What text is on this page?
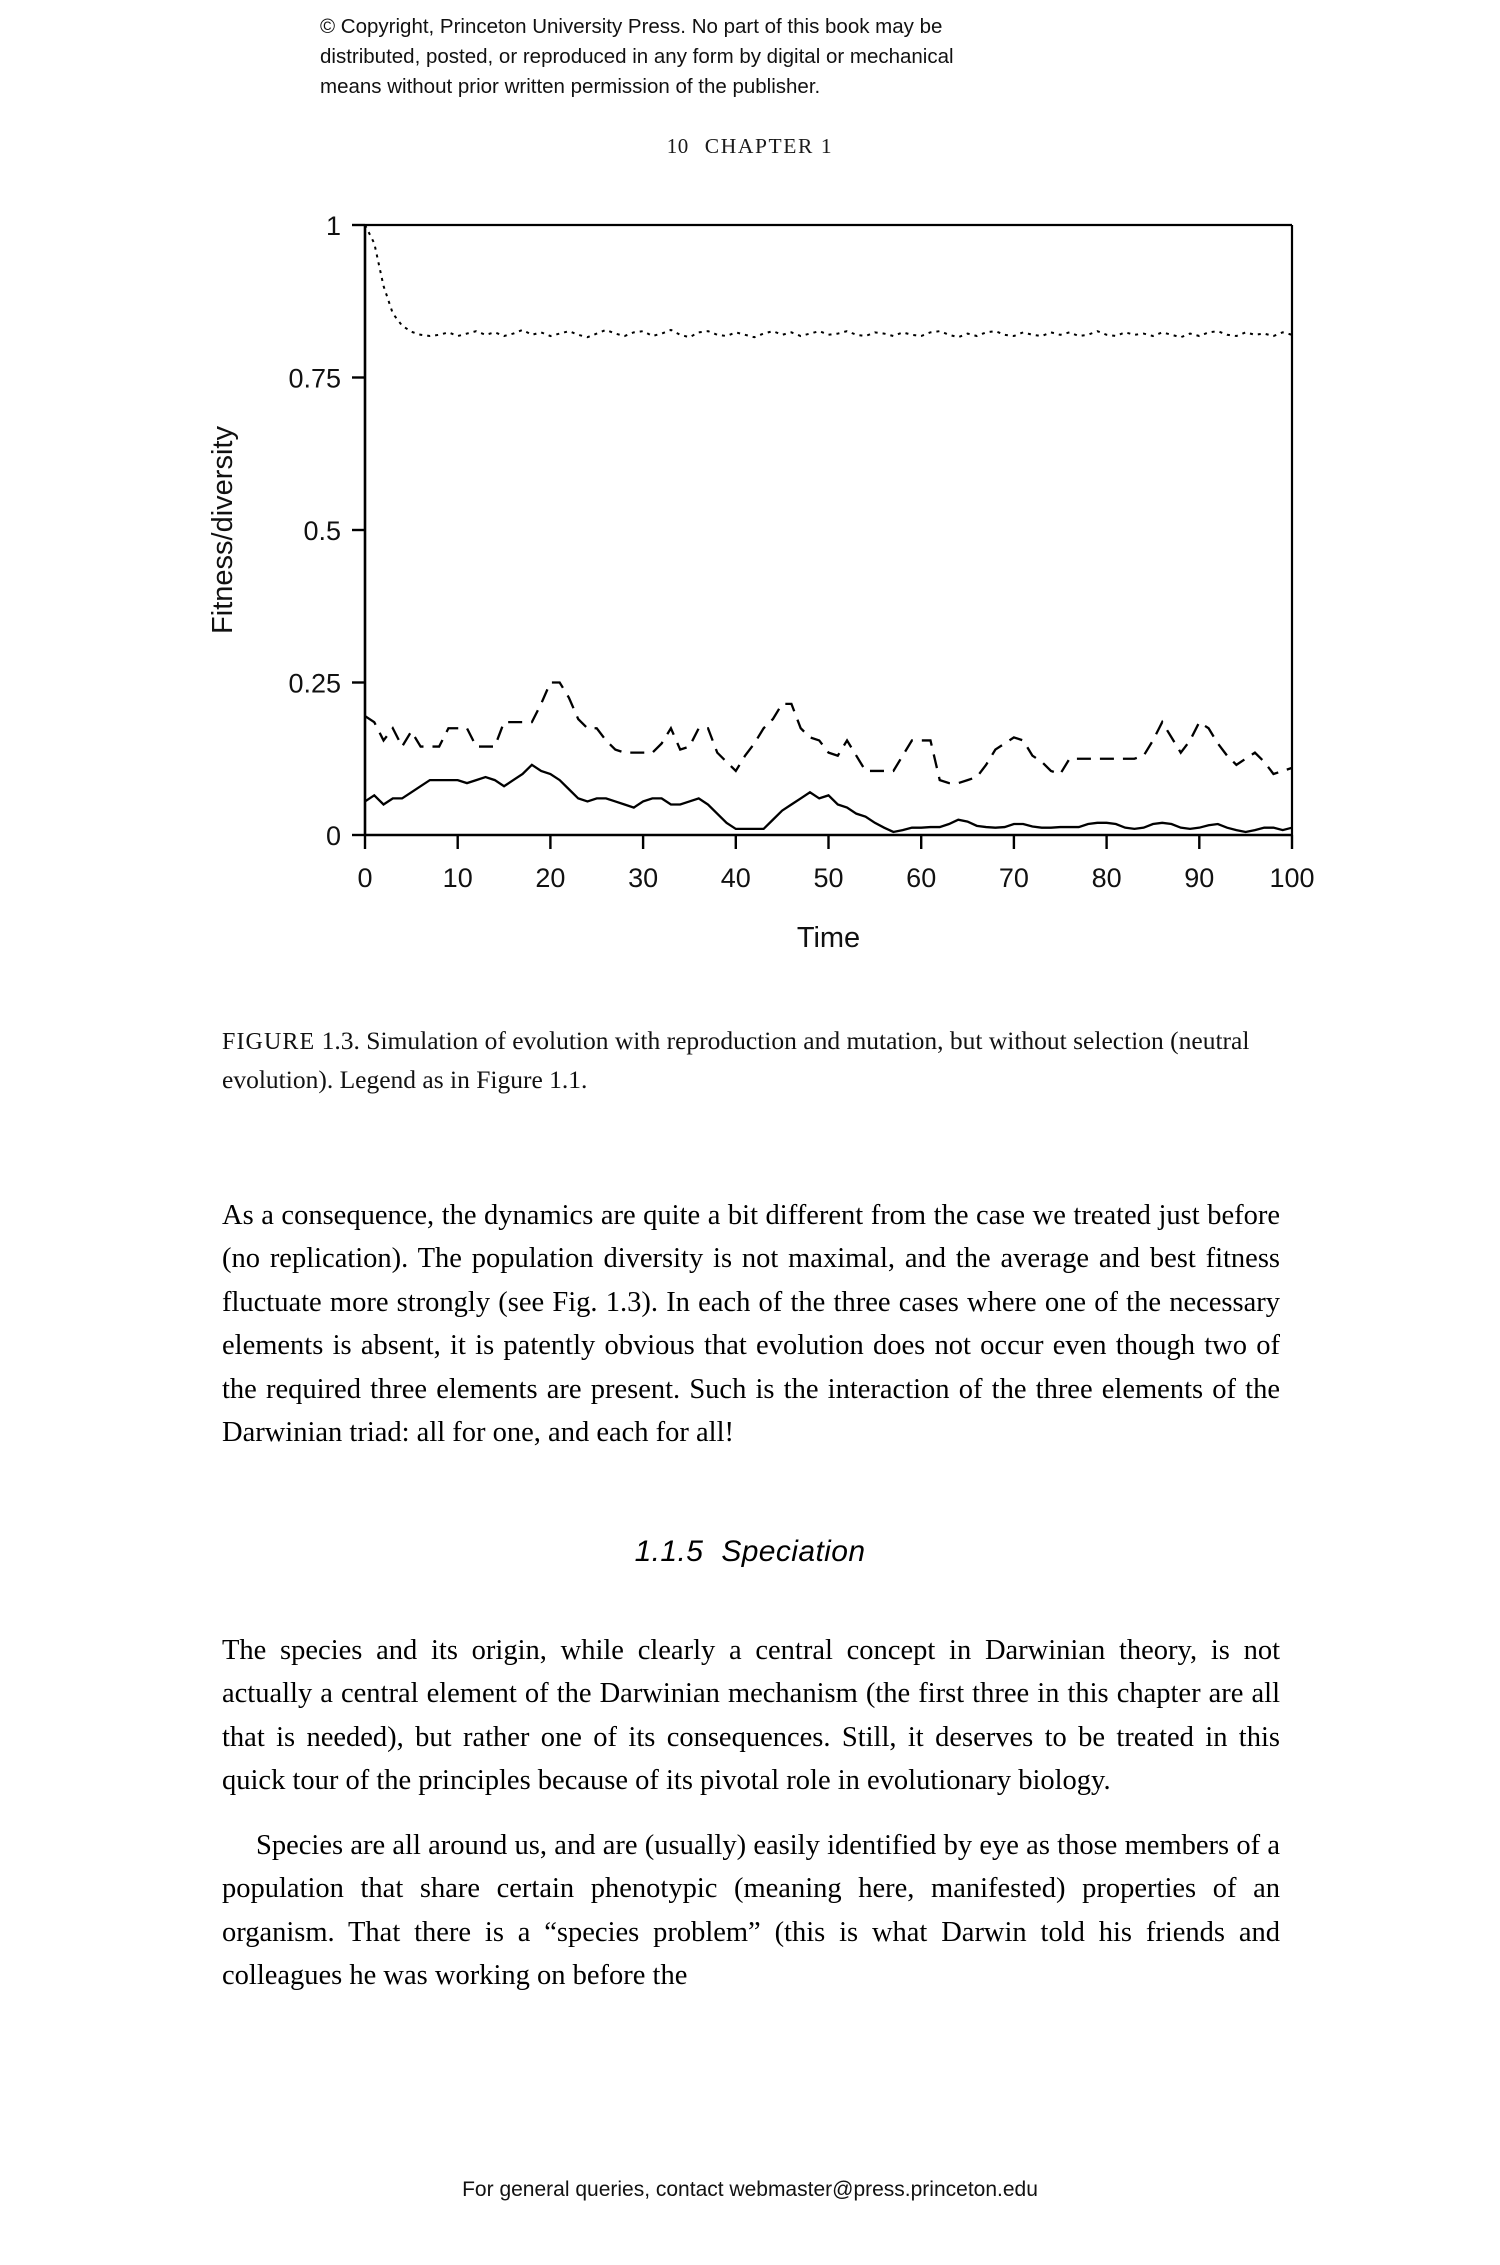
© Copyright, Princeton University Press. No part of this book may be
distributed, posted, or reproduced in any form by digital or mechanical
means without prior written permission of the publisher.
10 CHAPTER 1
0
0.25
0.5
0.75
1
0	10 20 30 40 50 60 70 80 90 100
Time
Fitness/diversity
FIGURE 1.3. Simulation of evolution with reproduction and mutation, but without selection (neutral evolution). Legend as in Figure 1.1.

As a consequence, the dynamics are quite a bit different from the case we treated just before (no replication). The population diversity is not maximal, and the average and best fitness fluctuate more strongly (see Fig. 1.3). In each of the three cases where one of the necessary elements is absent, it is patently obvious that evolution does not occur even though two of the required three elements are present. Such is the interaction of the three elements of the Darwinian triad: all for one, and each for all!

1.1.5 Speciation

The species and its origin, while clearly a central concept in Darwinian theory, is not actually a central element of the Darwinian mechanism (the first three in this chapter are all that is needed), but rather one of its consequences. Still, it deserves to be treated in this quick tour of the principles because of its pivotal role in evolutionary biology.

Species are all around us, and are (usually) easily identified by eye as those members of a population that share certain phenotypic (meaning here, manifested) properties of an organism. That there is a “species problem” (this is what Darwin told his friends and colleagues he was working on before the

For general queries, contact webmaster@press.princeton.edu
